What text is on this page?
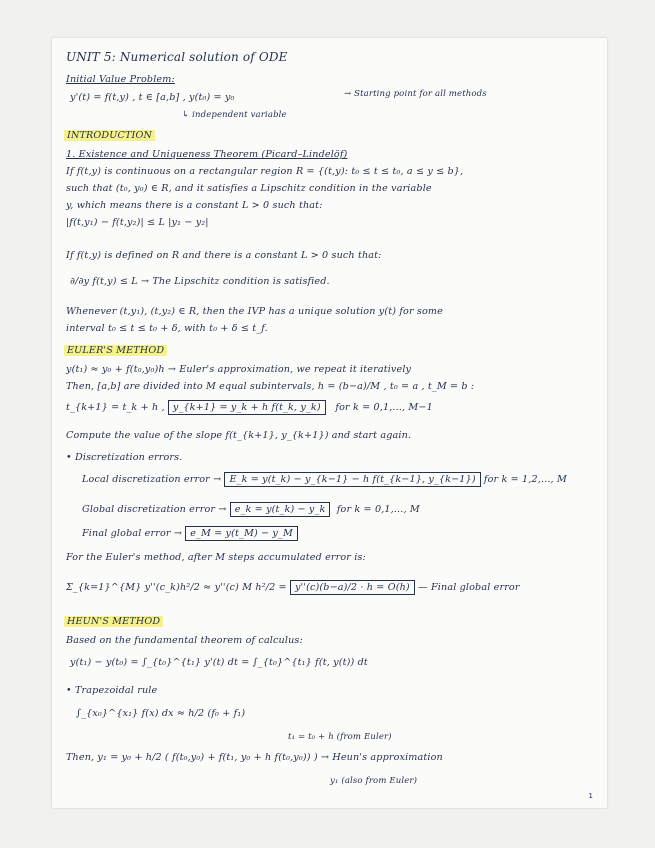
UNIT 5: Numerical solution of ODE
Initial Value Problem:
y'(t) = f(t,y) , t ∈ [a,b] , y(t₀) = y₀	→ Starting point for all methods
↳ independent variable
INTRODUCTION
1. Existence and Uniqueness Theorem (Picard–Lindelöf)
If f(t,y) is continuous on a rectangular region R = {(t,y): t₀ ≤ t ≤ t₀, a ≤ y ≤ b},
such that (t₀, y₀) ∈ R, and it satisfies a Lipschitz condition in the variable
y, which means there is a constant L > 0 such that:
|f(t,y₁) − f(t,y₂)| ≤ L |y₁ − y₂|
If f(t,y) is defined on R and there is a constant L > 0 such that:
∂/∂y f(t,y) ≤ L → The Lipschitz condition is satisfied.
Whenever (t,y₁), (t,y₂) ∈ R, then the IVP has a unique solution y(t) for some
interval t₀ ≤ t ≤ t₀ + δ, with t₀ + δ ≤ t_f.
EULER'S METHOD
y(t₁) ≈ y₀ + f(t₀,y₀)h → Euler's approximation, we repeat it iteratively
Then, [a,b] are divided into M equal subintervals, h = (b−a)/M , t₀ = a , t_M = b :
t_{k+1} = t_k + h , y_{k+1} = y_k + h f(t_k, y_k) for k = 0,1,..., M−1
Compute the value of the slope f(t_{k+1}, y_{k+1}) and start again.
• Discretization errors.
Local discretization error → E_k = y(t_k) − y_{k−1} − h f(t_{k−1}, y_{k−1}) for k = 1,2,..., M
Global discretization error → e_k = y(t_k) − y_k for k = 0,1,..., M
Final global error → e_M = y(t_M) − y_M
For the Euler's method, after M steps accumulated error is:
Σ_{k=1}^{M} y''(c_k)h²/2 ≈ y''(c) M h²/2 = y''(c)(b−a)/2 · h = O(h) — Final global error
HEUN'S METHOD
Based on the fundamental theorem of calculus:
y(t₁) − y(t₀) = ∫_{t₀}^{t₁} y'(t) dt = ∫_{t₀}^{t₁} f(t, y(t)) dt
• Trapezoidal rule
∫_{x₀}^{x₁} f(x) dx ≈ h/2 (f₀ + f₁)
t₁ = t₀ + h (from Euler)
Then, y₁ = y₀ + h/2 ( f(t₀,y₀) + f(t₁, y₀ + h f(t₀,y₀)) ) → Heun's approximation
y₁ (also from Euler)
1
